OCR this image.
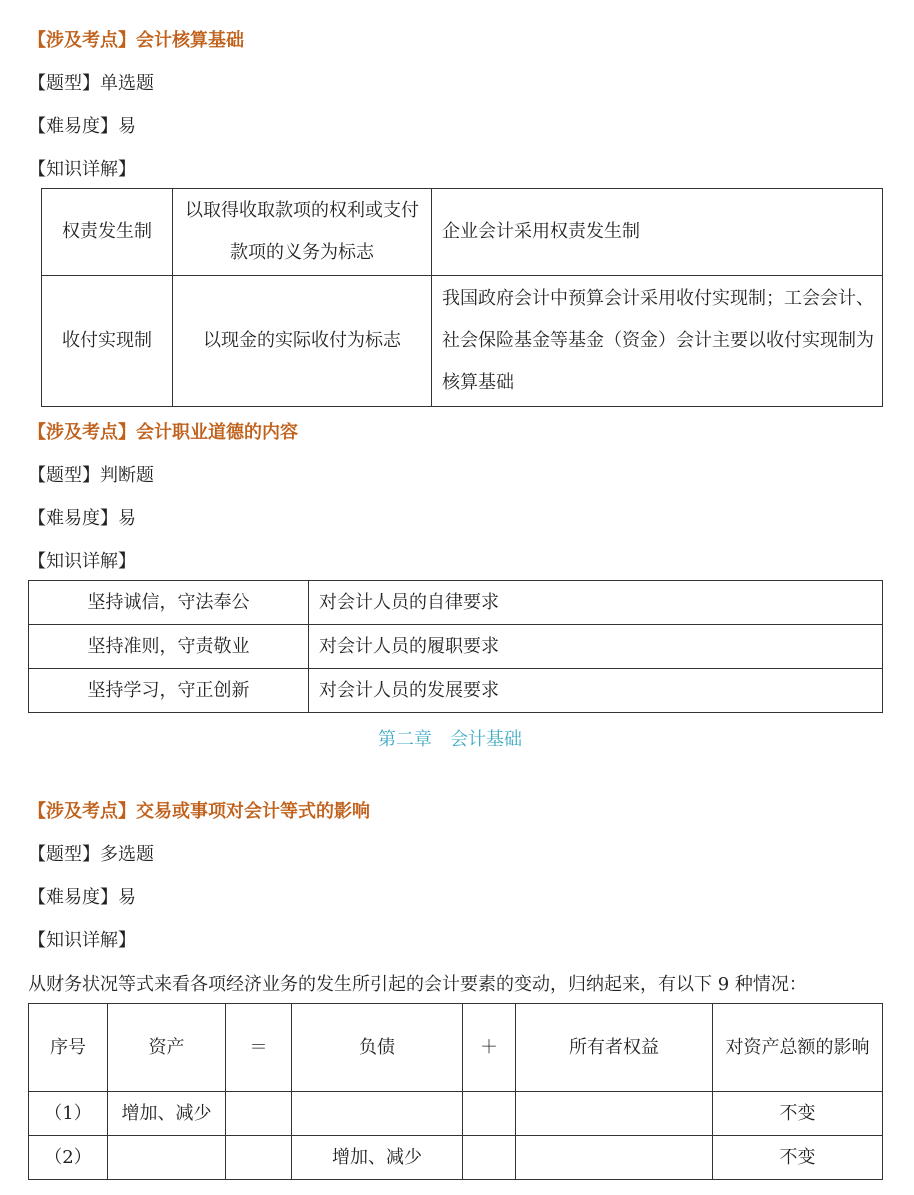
【涉及考点】会计核算基础
【题型】单选题
【难易度】易
【知识详解】
权责发生制	以取得收取款项的权利或支付款项的义务为标志	企业会计采用权责发生制
收付实现制	以现金的实际收付为标志	我国政府会计中预算会计采用收付实现制；工会会计、社会保险基金等基金（资金）会计主要以收付实现制为核算基础
【涉及考点】会计职业道德的内容
【题型】判断题
【难易度】易
【知识详解】
坚持诚信，守法奉公	对会计人员的自律要求
坚持准则，守责敬业	对会计人员的履职要求
坚持学习，守正创新	对会计人员的发展要求
第二章　会计基础
【涉及考点】交易或事项对会计等式的影响
【题型】多选题
【难易度】易
【知识详解】
从财务状况等式来看各项经济业务的发生所引起的会计要素的变动，归纳起来，有以下 9 种情况：
序号	资产	＝	负债	＋	所有者权益	对资产总额的影响
（1）	增加、减少					不变
（2）			增加、减少			不变
